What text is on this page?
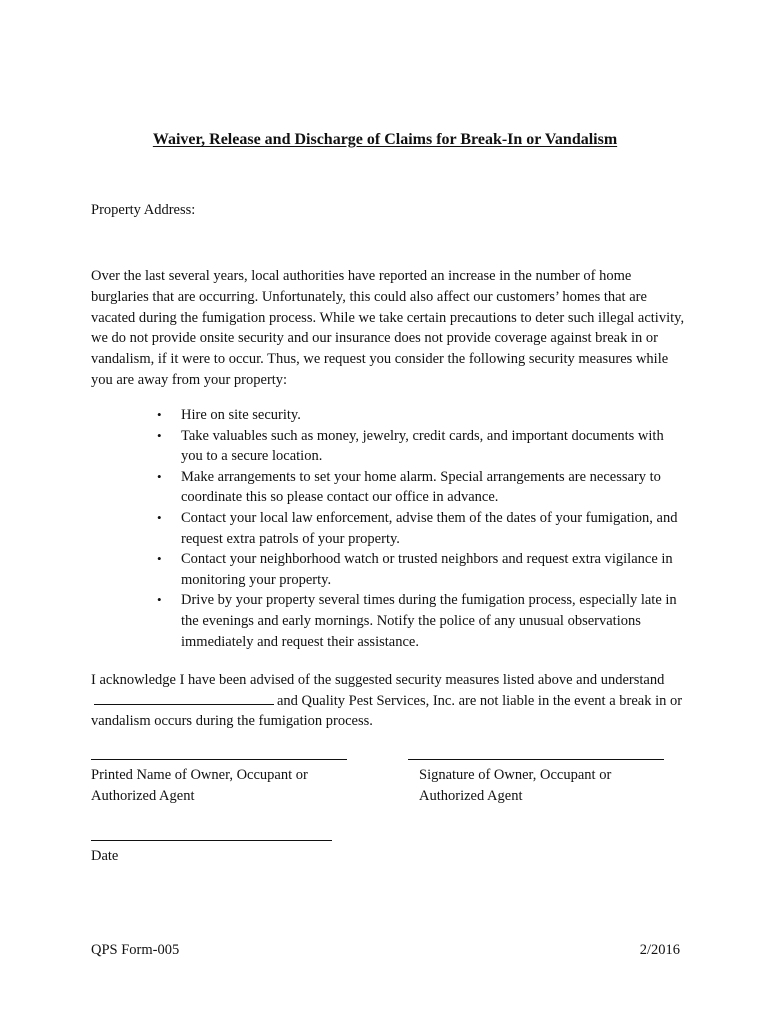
Waiver, Release and Discharge of Claims for Break-In or Vandalism
Property Address:

Over the last several years, local authorities have reported an increase in the number of home burglaries that are occurring. Unfortunately, this could also affect our customers’ homes that are vacated during the fumigation process. While we take certain precautions to deter such illegal activity, we do not provide onsite security and our insurance does not provide coverage against break in or vandalism, if it were to occur. Thus, we request you consider the following security measures while you are away from your property:

• Hire on site security.
• Take valuables such as money, jewelry, credit cards, and important documents with you to a secure location.
• Make arrangements to set your home alarm. Special arrangements are necessary to coordinate this so please contact our office in advance.
• Contact your local law enforcement, advise them of the dates of your fumigation, and request extra patrols of your property.
• Contact your neighborhood watch or trusted neighbors and request extra vigilance in monitoring your property.
• Drive by your property several times during the fumigation process, especially late in the evenings and early mornings. Notify the police of any unusual observations immediately and request their assistance.

I acknowledge I have been advised of the suggested security measures listed above and understandand Quality Pest Services, Inc. are not liable in the event a break in or vandalism occurs during the fumigation process.

Printed Name of Owner, Occupant or
Authorized Agent
Signature of Owner, Occupant or
Authorized Agent
Date
QPS Form-005	2/2016
